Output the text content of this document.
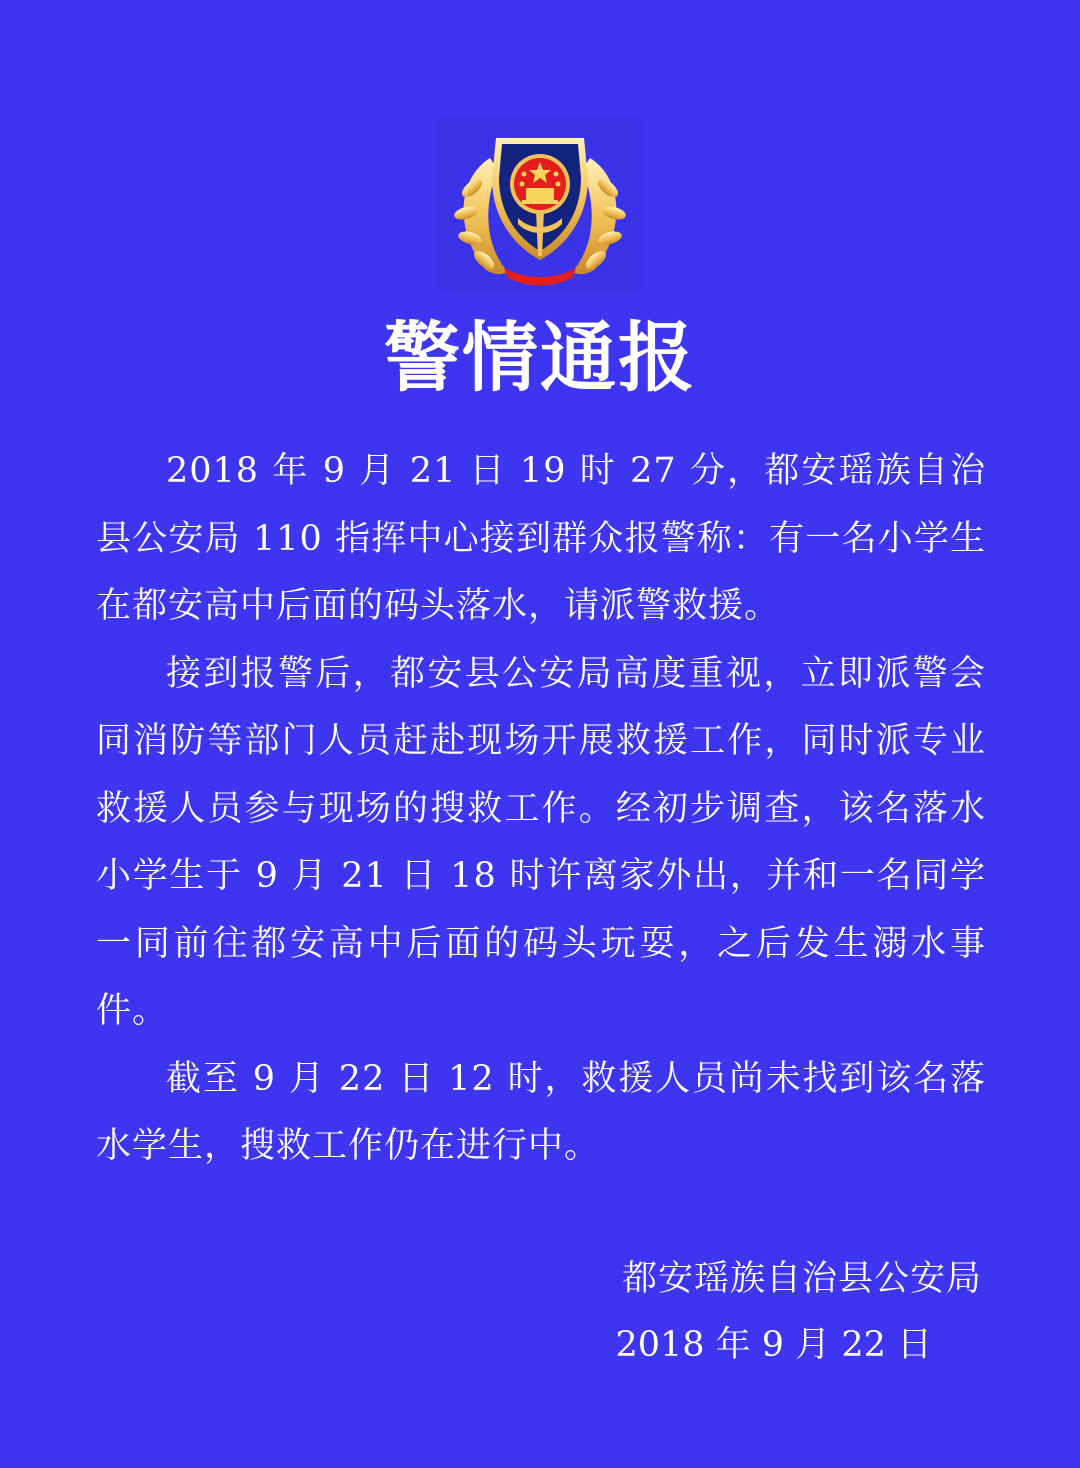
警情通报

2018 年 9 月 21 日 19 时 27 分，都安瑶族自治县公安局 110 指挥中心接到群众报警称：有一名小学生在都安高中后面的码头落水，请派警救援。

接到报警后，都安县公安局高度重视，立即派警会同消防等部门人员赶赴现场开展救援工作，同时派专业救援人员参与现场的搜救工作。经初步调查，该名落水小学生于 9 月 21 日 18 时许离家外出，并和一名同学一同前往都安高中后面的码头玩耍，之后发生溺水事件。

截至 9 月 22 日 12 时，救援人员尚未找到该名落水学生，搜救工作仍在进行中。

都安瑶族自治县公安局
2018 年 9 月 22 日
